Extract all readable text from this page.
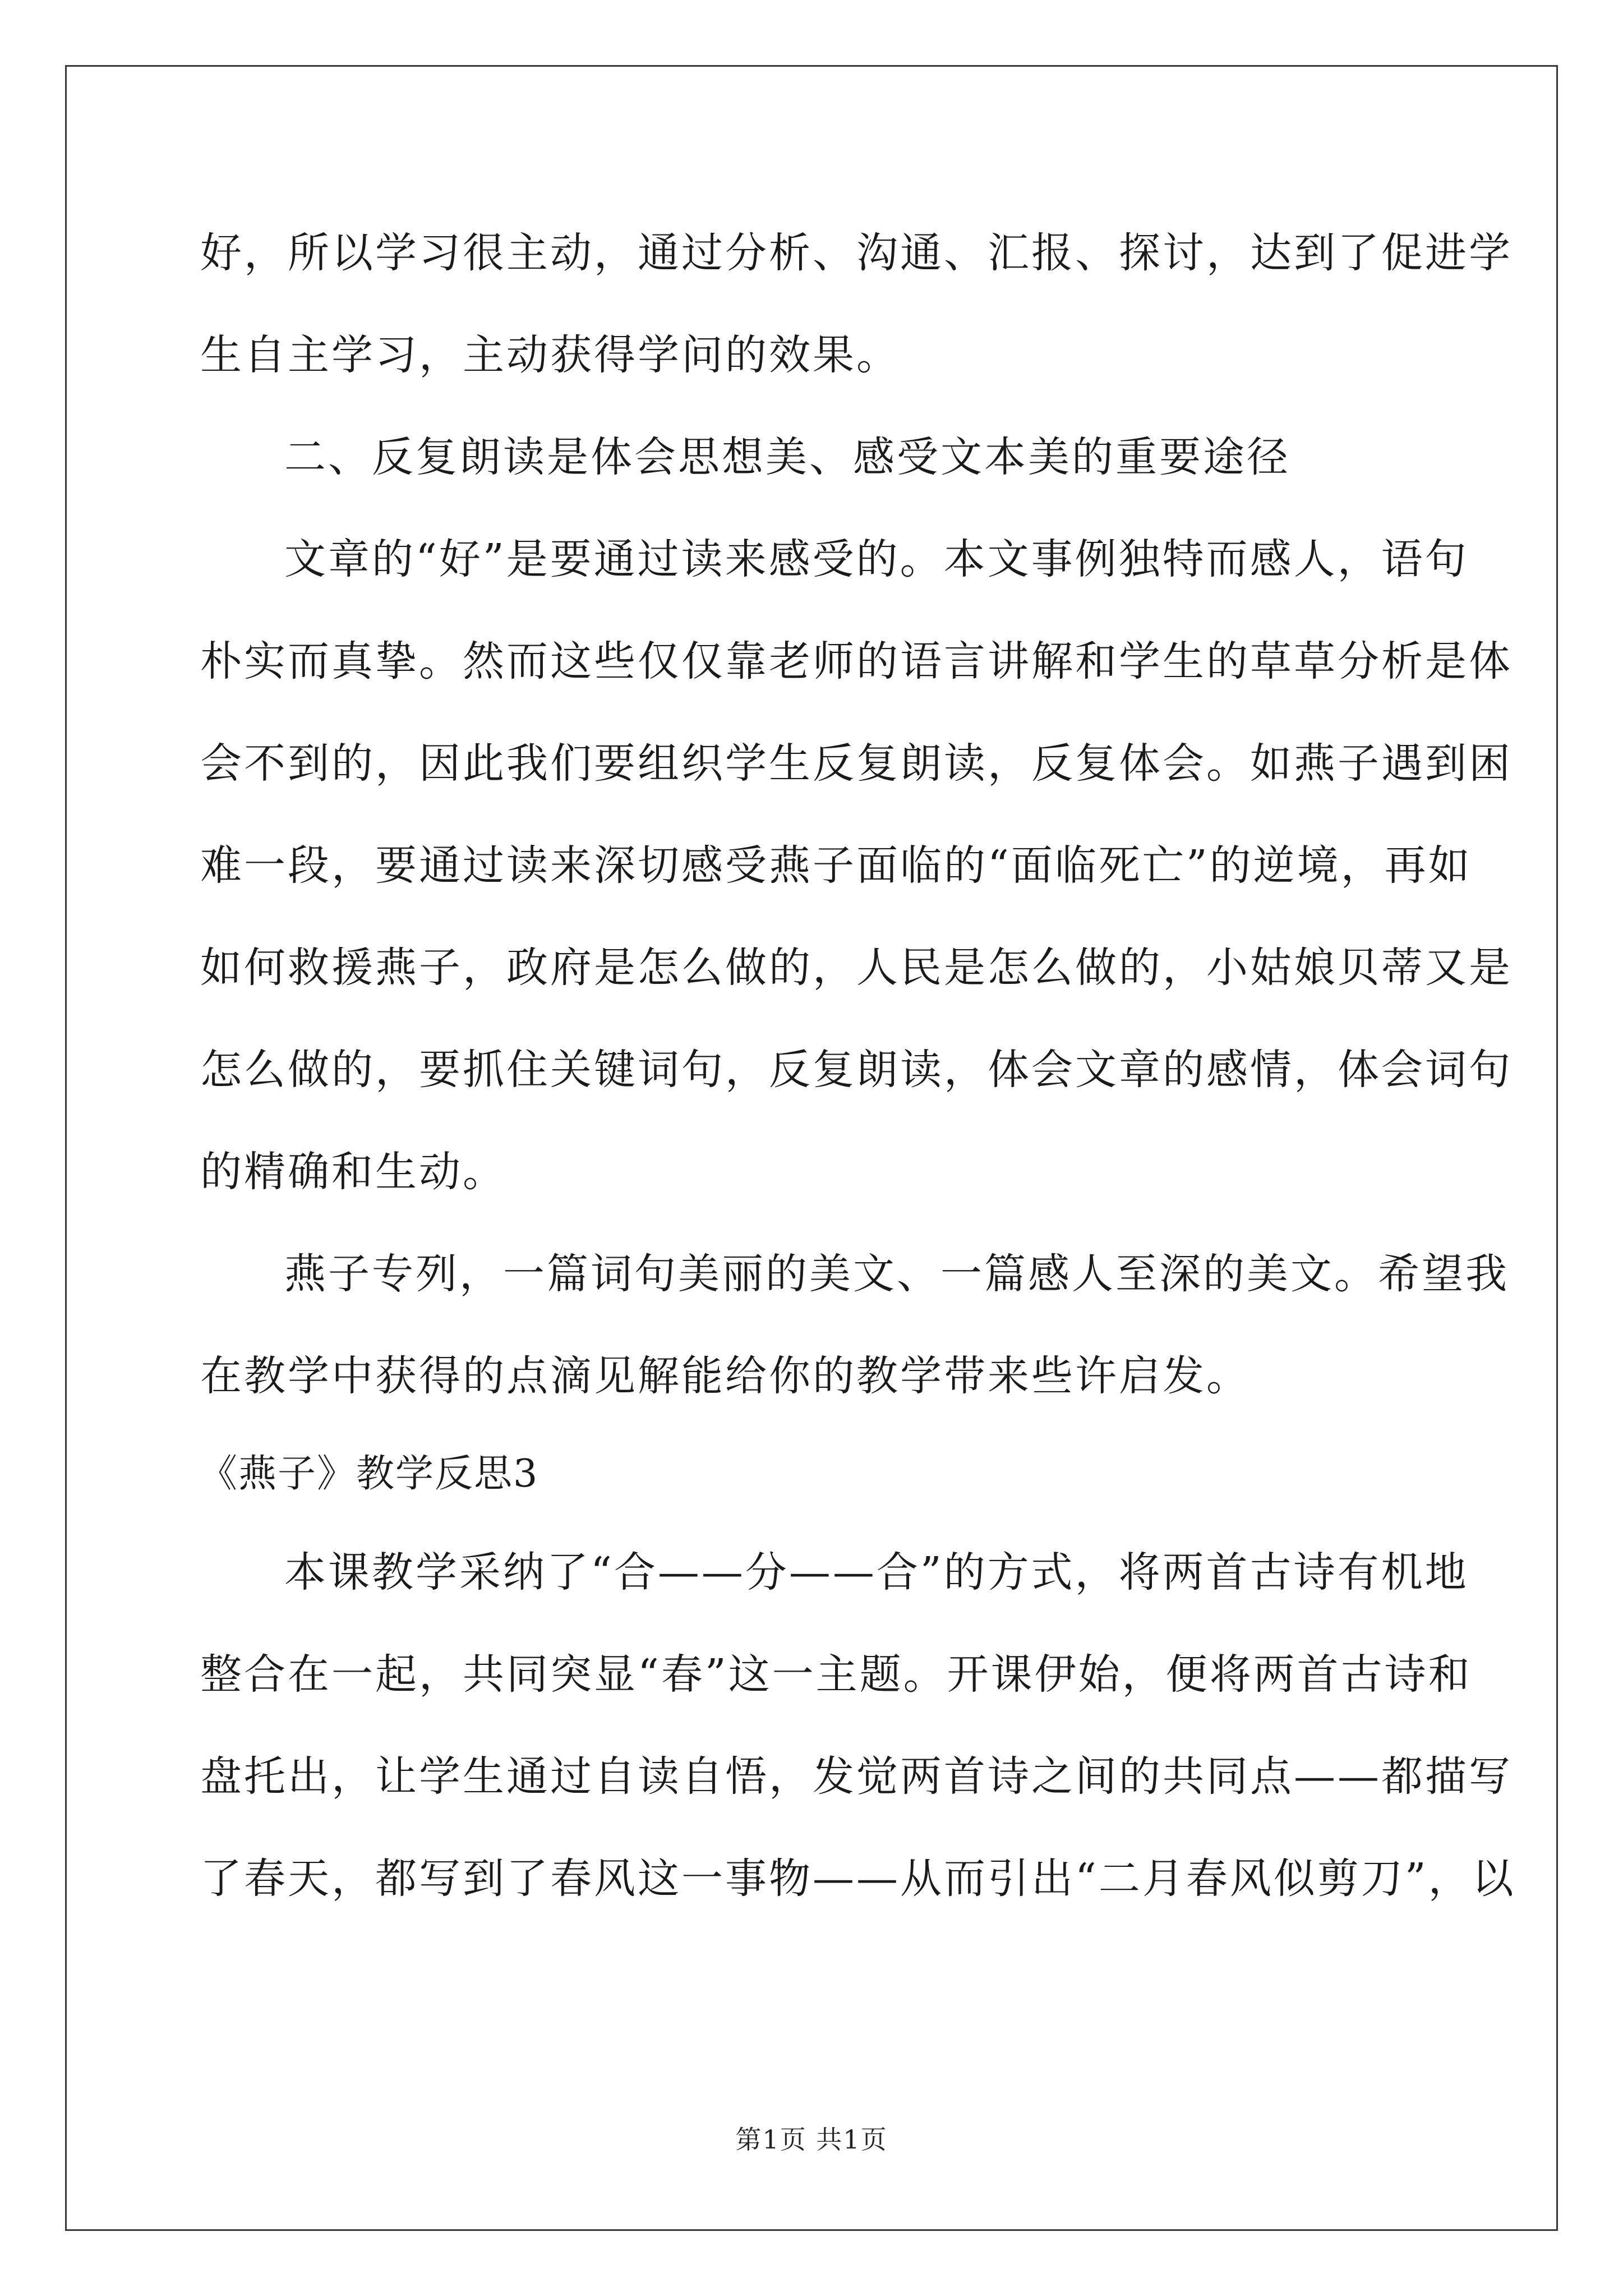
好，所以学习很主动，通过分析、沟通、汇报、探讨，达到了促进学
生自主学习，主动获得学问的效果。
二、反复朗读是体会思想美、感受文本美的重要途径
文章的“好”是要通过读来感受的。本文事例独特而感人，语句
朴实而真挚。然而这些仅仅靠老师的语言讲解和学生的草草分析是体
会不到的，因此我们要组织学生反复朗读，反复体会。如燕子遇到困
难一段，要通过读来深切感受燕子面临的“面临死亡”的逆境，再如
如何救援燕子，政府是怎么做的，人民是怎么做的，小姑娘贝蒂又是
怎么做的，要抓住关键词句，反复朗读，体会文章的感情，体会词句
的精确和生动。
燕子专列，一篇词句美丽的美文、一篇感人至深的美文。希望我
在教学中获得的点滴见解能给你的教学带来些许启发。
《燕子》教学反思3
本课教学采纳了“合——分——合”的方式，将两首古诗有机地
整合在一起，共同突显“春”这一主题。开课伊始，便将两首古诗和
盘托出，让学生通过自读自悟，发觉两首诗之间的共同点——都描写
了春天，都写到了春风这一事物——从而引出“二月春风似剪刀”，以
第1页 共1页
